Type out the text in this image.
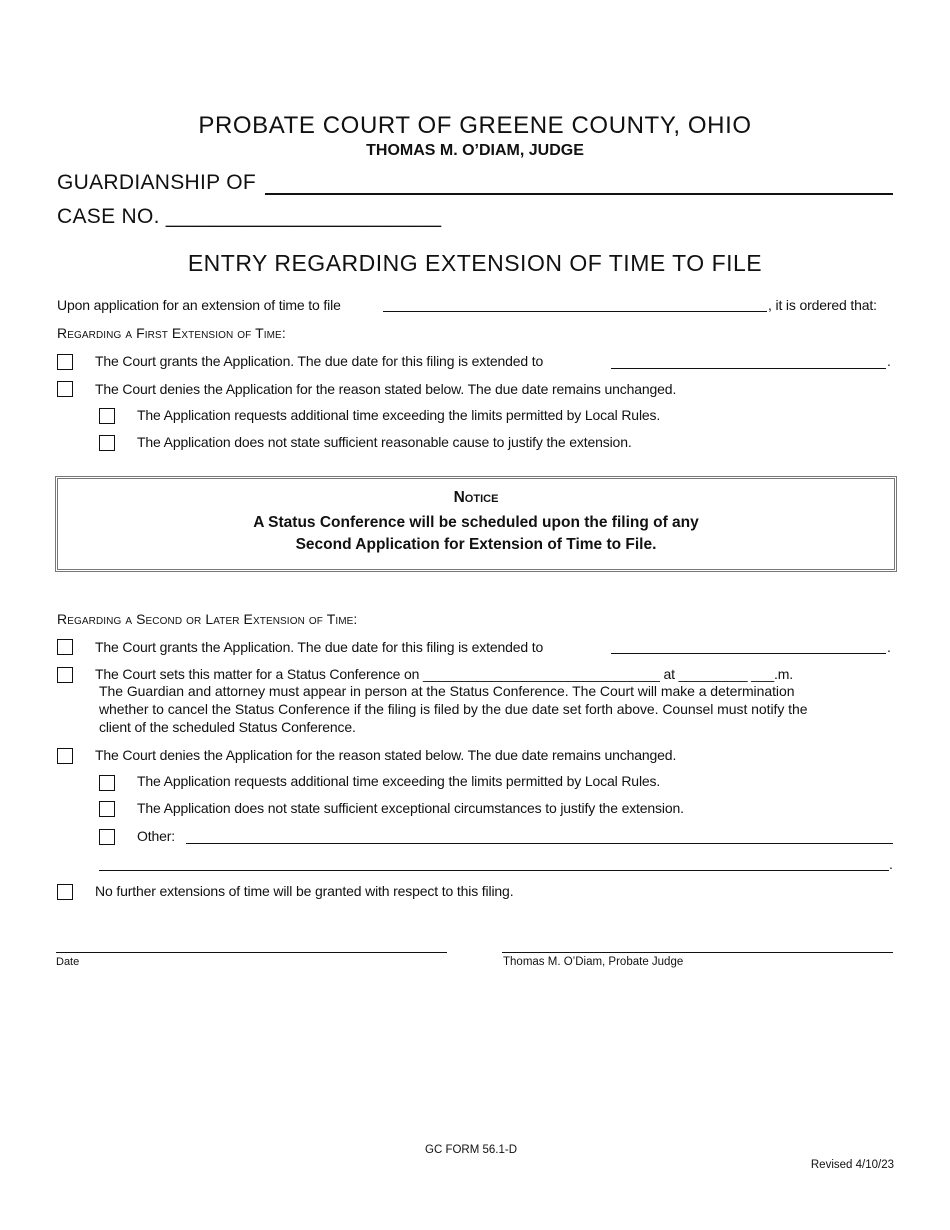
PROBATE COURT OF GREENE COUNTY, OHIO
THOMAS M. O’DIAM, JUDGE
GUARDIANSHIP OF
CASE NO. _______________________
ENTRY REGARDING EXTENSION OF TIME TO FILE
Upon application for an extension of time to file	, it is ordered that:
Regarding a First Extension of Time:
The Court grants the Application. The due date for this filing is extended to	.
The Court denies the Application for the reason stated below. The due date remains unchanged.
The Application requests additional time exceeding the limits permitted by Local Rules.
The Application does not state sufficient reasonable cause to justify the extension.
Notice
A Status Conference will be scheduled upon the filing of any
Second Application for Extension of Time to File.
Regarding a Second or Later Extension of Time:
The Court grants the Application. The due date for this filing is extended to	.
The Court sets this matter for a Status Conference on _______________________________ at _________ ___.m.
The Guardian and attorney must appear in person at the Status Conference. The Court will make a determination
whether to cancel the Status Conference if the filing is filed by the due date set forth above. Counsel must notify the
client of the scheduled Status Conference.
The Court denies the Application for the reason stated below. The due date remains unchanged.
The Application requests additional time exceeding the limits permitted by Local Rules.
The Application does not state sufficient exceptional circumstances to justify the extension.
Other:
.
No further extensions of time will be granted with respect to this filing.
Date	Thomas M. O’Diam, Probate Judge
GC FORM 56.1-D
Revised 4/10/23
